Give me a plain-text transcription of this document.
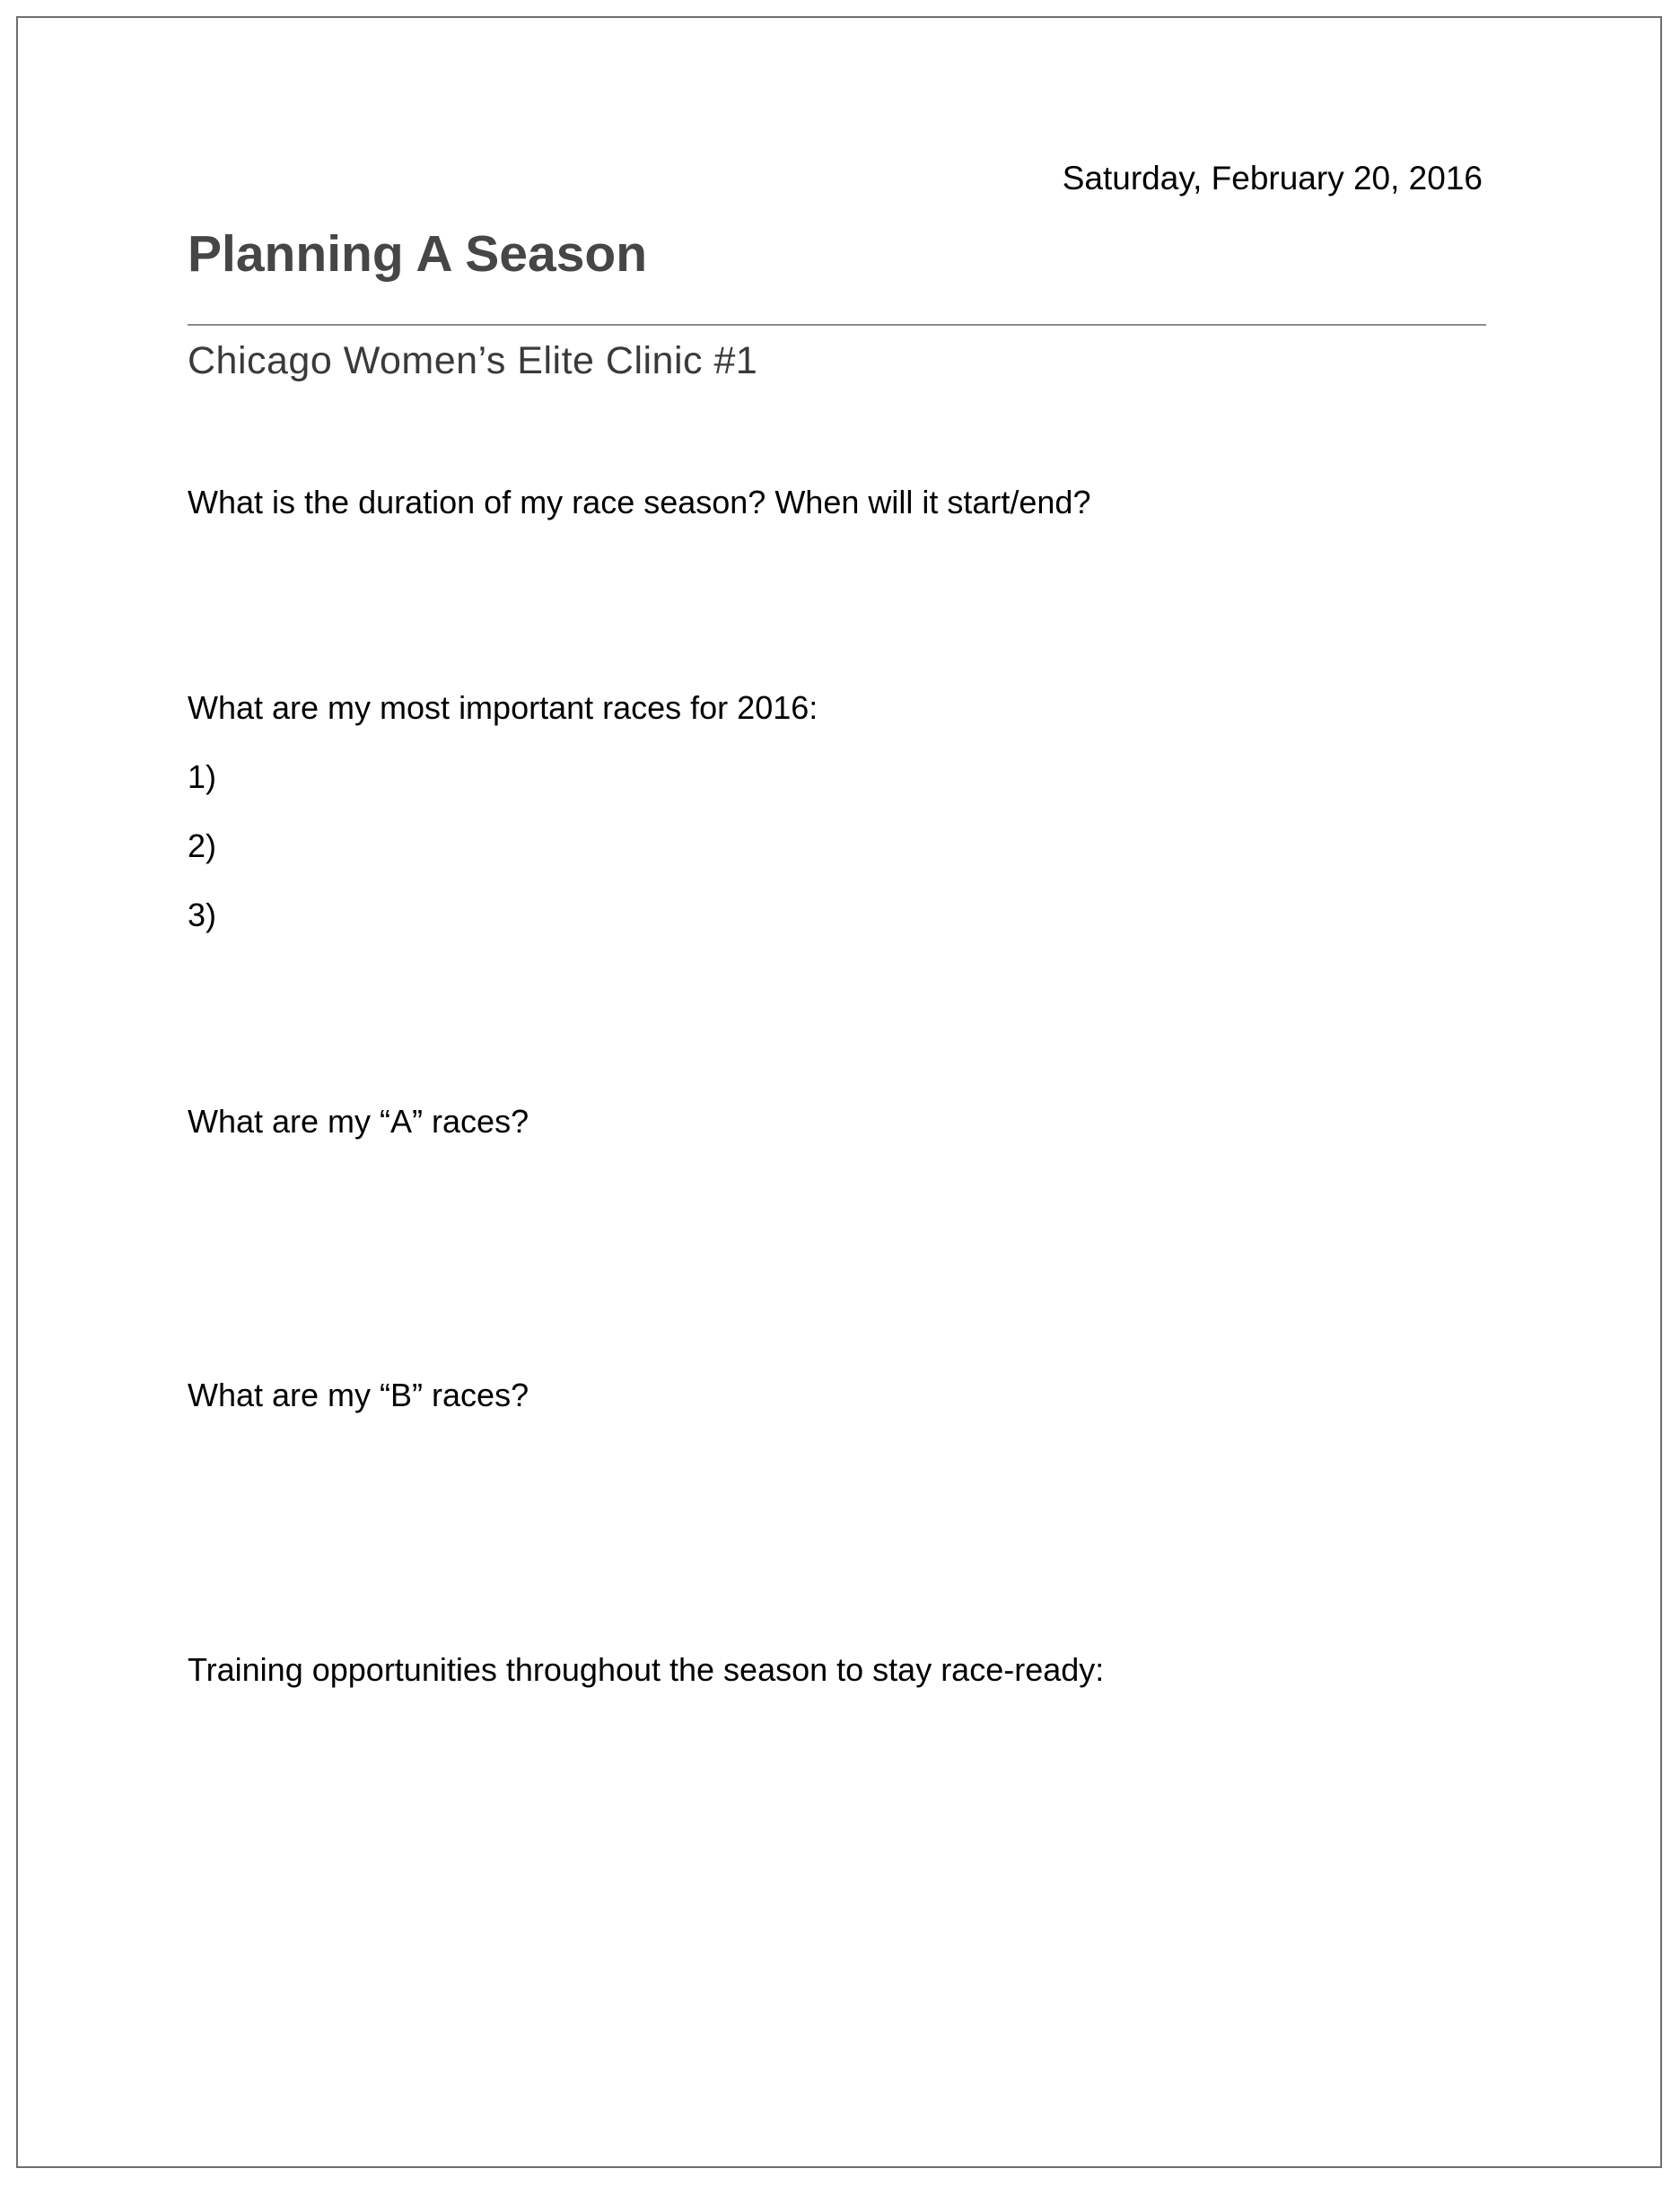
Saturday, February 20, 2016
Planning A Season
Chicago Women’s Elite Clinic #1
What is the duration of my race season? When will it start/end?
What are my most important races for 2016:
1)
2)
3)
What are my “A” races?
What are my “B” races?
Training opportunities throughout the season to stay race-ready:
